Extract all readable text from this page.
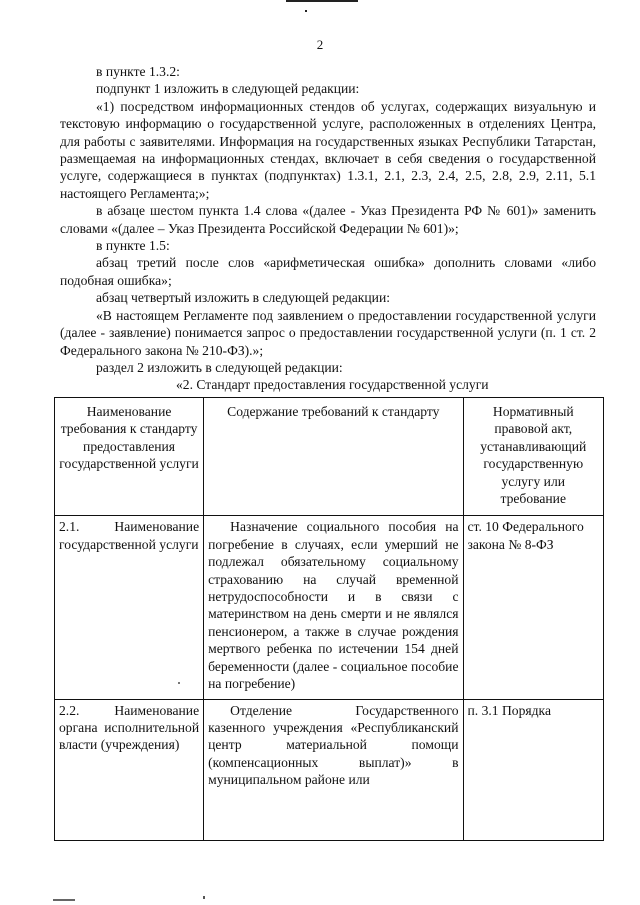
2

в пункте 1.3.2:

подпункт 1 изложить в следующей редакции:

«1) посредством информационных стендов об услугах, содержащих визуальную и текстовую информацию о государственной услуге, расположенных в отделениях Центра, для работы с заявителями. Информация на государственных языках Республики Татарстан, размещаемая на информационных стендах, включает в себя сведения о государственной услуге, содержащиеся в пунктах (подпунктах) 1.3.1, 2.1, 2.3, 2.4, 2.5, 2.8, 2.9, 2.11, 5.1 настоящего Регламента;»;

в абзаце шестом пункта 1.4 слова «(далее - Указ Президента РФ № 601)» заменить словами «(далее – Указ Президента Российской Федерации № 601)»;

в пункте 1.5:

абзац третий после слов «арифметическая ошибка» дополнить словами «либо подобная ошибка»;

абзац четвертый изложить в следующей редакции:

«В настоящем Регламенте под заявлением о предоставлении государственной услуги (далее - заявление) понимается запрос о предоставлении государственной услуги (п. 1 ст. 2 Федерального закона № 210-ФЗ).»;

раздел 2 изложить в следующей редакции:

«2. Стандарт предоставления государственной услуги

Наименование требования к стандарту предоставления государственной услуги	Содержание требований к стандарту	Нормативный правовой акт, устанавливающий государственную услугу или требование
2.1. Наименование государственной услуги	Назначение социального пособия на погребение в случаях, если умерший не подлежал обязательному социальному страхованию на случай временной нетрудоспособности и в связи с материнством на день смерти и не являлся пенсионером, а также в случае рождения мертвого ребенка по истечении 154 дней беременности (далее - социальное пособие на погребение)	ст. 10 Федерального закона № 8-ФЗ

2.2. Наименование органа исполнительной власти (учреждения)	Отделение Государственного казенного учреждения «Республиканский центр материальной помощи (компенсационных выплат)» в муниципальном районе или	п. 3.1 Порядка
